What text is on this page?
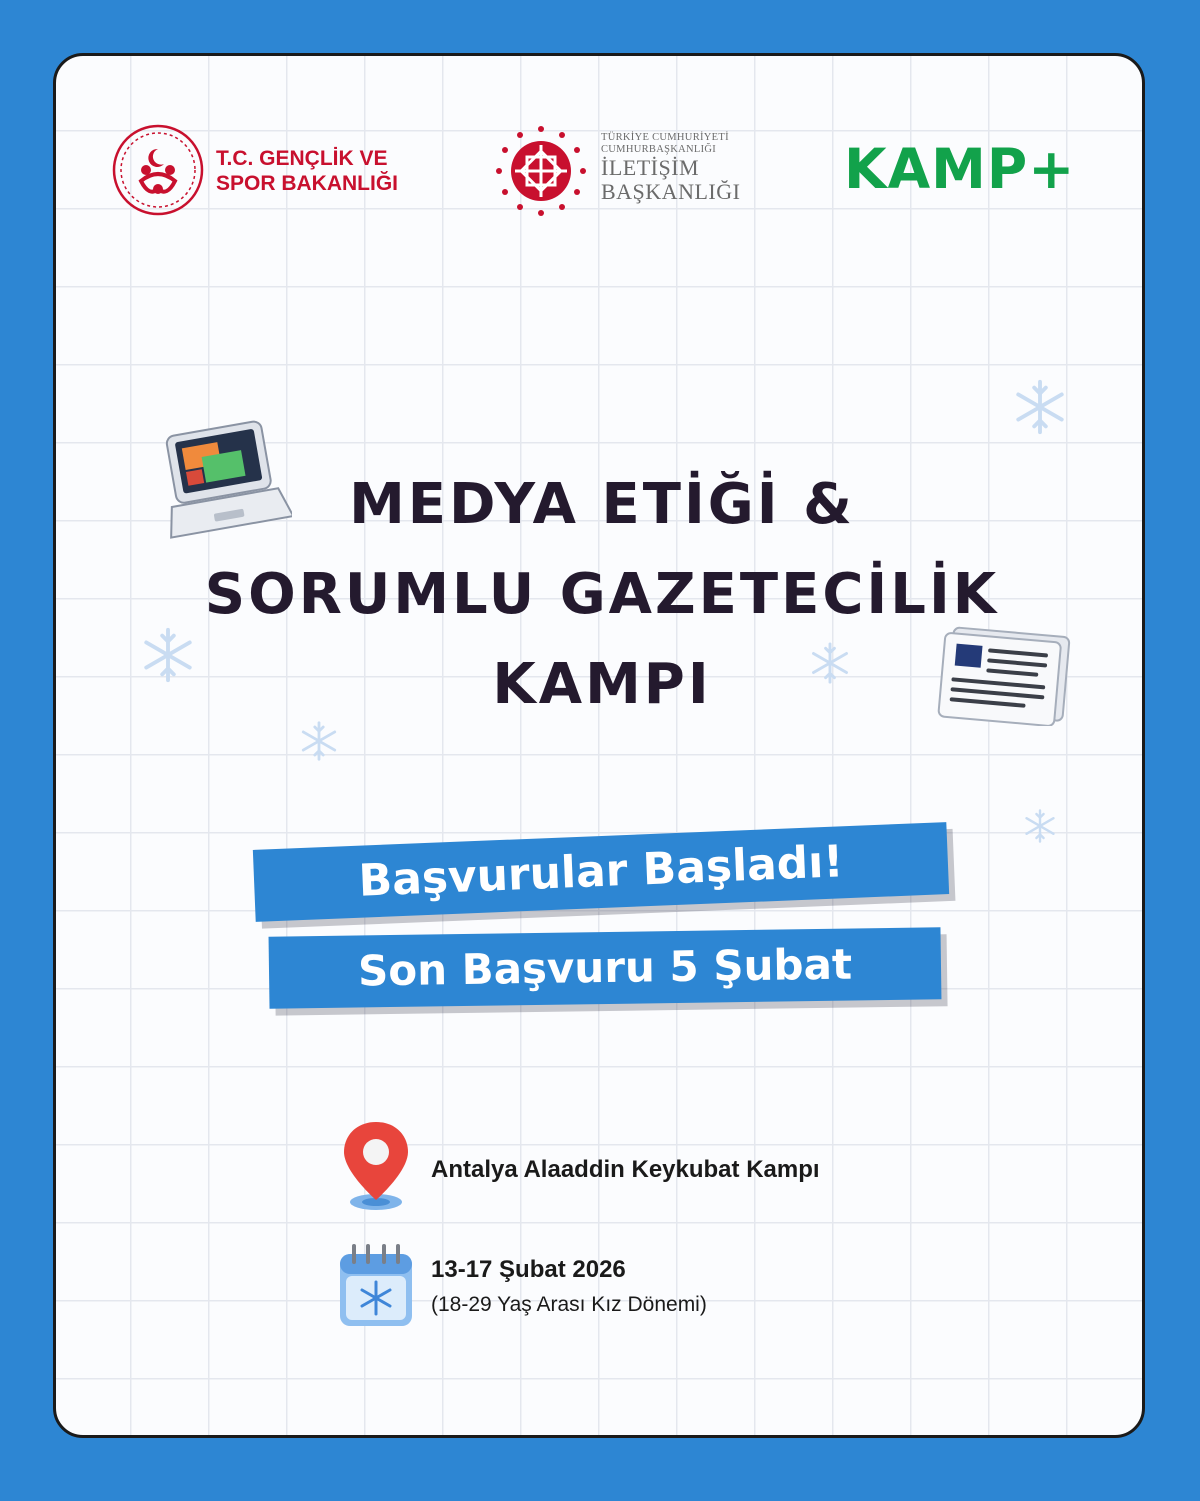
T.C. GENÇLİK VE
SPOR BAKANLIĞI
TÜRKİYE CUMHURİYETİ
CUMHURBAŞKANLIĞI
İLETİŞİM
BAŞKANLIĞI	KAMP+
MEDYA ETİĞİ &
SORUMLU GAZETECİLİK
KAMPI
Başvurular Başladı!
Son Başvuru 5 Şubat
Antalya Alaaddin Keykubat Kampı
13-17 Şubat 2026
(18-29 Yaş Arası Kız Dönemi)
